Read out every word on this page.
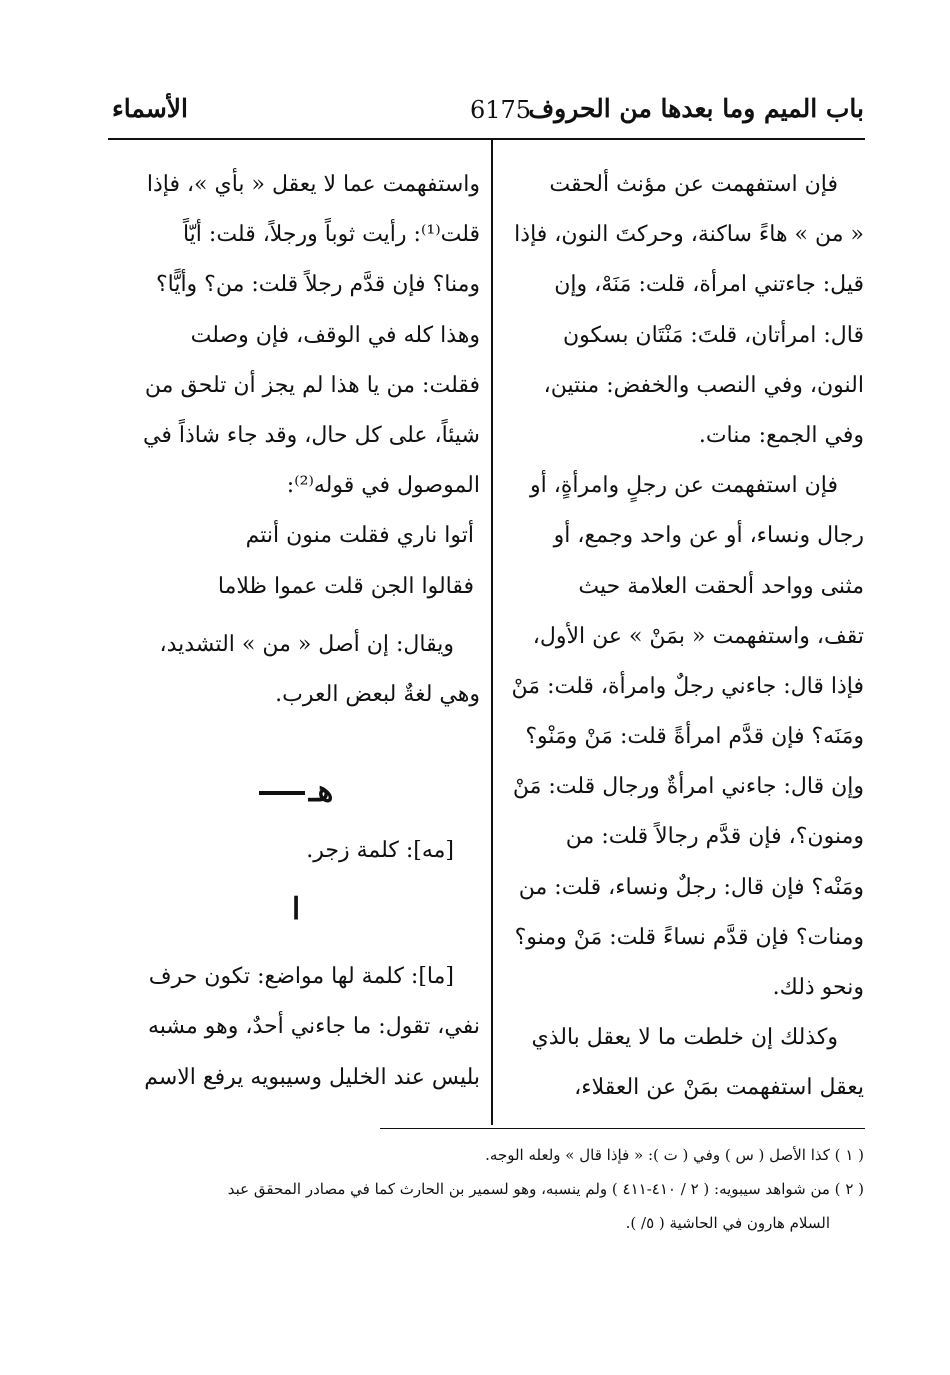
باب الميم وما بعدها من الحروف
6175
الأسماء
فإن استفهمت عن مؤنث ألحقت
« من » هاءً ساكنة، وحركتَ النون، فإذا
قيل: جاءتني امرأة، قلت: مَنَهْ، وإن
قال: امرأتان، قلتَ: مَنْتَان بسكون
النون، وفي النصب والخفض: منتين،
وفي الجمع: منات.
فإن استفهمت عن رجلٍ وامرأةٍ، أو
رجال ونساء، أو عن واحد وجمع، أو
مثنى وواحد ألحقت العلامة حيث
تقف، واستفهمت « بمَنْ » عن الأول،
فإذا قال: جاءني رجلٌ وامرأة، قلت: مَنْ
ومَنَه؟ فإن قدَّم امرأةً قلت: مَنْ ومَنْو؟
وإن قال: جاءني امرأةٌ ورجال قلت: مَنْ
ومنون؟، فإن قدَّم رجالاً قلت: من
ومَنْه؟ فإن قال: رجلٌ ونساء، قلت: من
ومنات؟ فإن قدَّم نساءً قلت: مَنْ ومنو؟
ونحو ذلك.
وكذلك إن خلطت ما لا يعقل بالذي
يعقل استفهمت بمَنْ عن العقلاء،
واستفهمت عما لا يعقل « بأي »، فإذا
قلت⁽¹⁾: رأيت ثوباً ورجلاً، قلت: أيّاً
ومنا؟ فإن قدَّم رجلاً قلت: من؟ وأيًّا؟
وهذا كله في الوقف، فإن وصلت
فقلت: من يا هذا لم يجز أن تلحق من
شيئاً، على كل حال، وقد جاء شاذاً في
الموصول في قوله⁽²⁾:
أتوا ناري فقلت منون أنتم
فقالوا الجن قلت عموا ظلاما
ويقال: إن أصل « من » التشديد،
وهي لغةٌ لبعض العرب.
هـ
[مه]: كلمة زجر.
ا
[ما]: كلمة لها مواضع: تكون حرف
نفي، تقول: ما جاءني أحدٌ، وهو مشبه
بليس عند الخليل وسيبويه يرفع الاسم
( ١ ) كذا الأصل ( س ) وفي ( ت ): « فإذا قال » ولعله الوجه.
( ٢ ) من شواهد سيبويه: ( ٢ / ٤١٠-٤١١ ) ولم ينسبه، وهو لسمير بن الحارث كما في مصادر المحقق عبد
السلام هارون في الحاشية ( ٥/ ).
